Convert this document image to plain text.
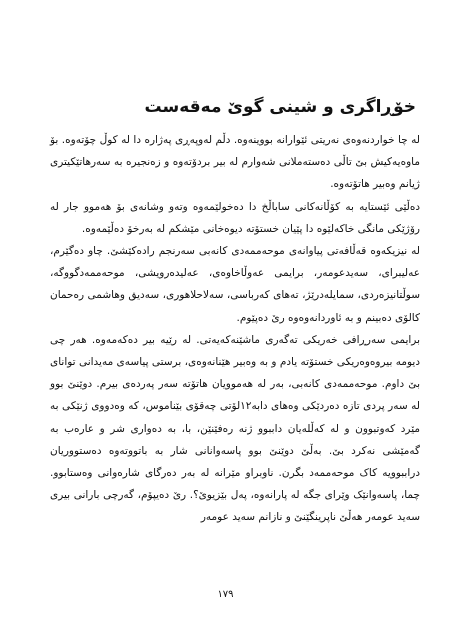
خۆڕاگری و شینی گوێ مەقەست

لە چا خواردنەوەی نەریتی ئێوارانە بووینەوە. دڵم لەوپەڕی پەژارە دا لە کوڵ چۆتەوە. بۆ ماوەیەکیش بێ تاڵی دەستەملانی شەوارم لە بیر بردۆتەوە و زەنجیرە بە سەرهاتێکیتری ژیانم وەبیر هاتۆتەوە.

دەڵێی ئێستایە بە کۆڵانەکانی ساباڵخ دا دەخولێمەوە وتەو وشانەی بۆ هەموو جار لە رۆژێکی مانگی خاکەلێوە دا پێیان خستۆتە دیوەخانی مێشکم لە بەرخۆ دەڵێمەوە.

لە نیزیکەوە قەڵافەتی پیاوانەی موحەممەدی کانەبی سەرنجم رادەکێشێ. چاو دەگێرم، عەلیبرای، سەیدعومەر، برایمی عەوڵاخاوەی، عەلیدەرویشی، موحەممەدگووگە، سوڵتانیزەردی، سمایلەدرێژ، تەهای کەرباسی، سەلاحلاهوری، سەدیق وهاشمی رەحمان کالۆی دەبینم و بە ئاوردانەوەوە رێ دەپێوم.

برایمی سەرڕافی خەریکی تەگەری ماشێنەکەیەتی. لە رێیە بیر دەکەمەوە. هەر چی دیومە بیروەوەریکی خستۆتە یادم و بە وەبیر هێنانەوەی، برستی پیاسەی مەیدانی توانای بێ داوم. موحەممەدی کانەبی، بەر لە هەموویان هاتۆتە سەر پەردەی بیرم. دوێنێ بوو لە سەر پردی تازە دەردێکی وەهای دابە١٢لۆتی چەقۆی بێناموس، کە وەدووی ژنێکی بە مێرد کەوتبوون و لە کەڵلەیان داببوو ژنە رەفێنێن، با، بە دەواری شر و عارەب بە گەمێشی نەکرد بێ. بەڵێ دوێنێ بوو پاسەوانانی شار بە باتووتەوە دەستووریان دراببوویە کاک موحەممەد بگرن. ناوبراو مێرانە لە بەر دەرگای شارەوانی وەستابوو. چما، پاسەوانێک وێرای جگە لە پارانەوە، پەل بێزیوێ؟. رێ دەیپۆم، گەرچی بارانی بیری سەید عومەر هەڵێ ناپرینگێنێ و نازانم سەید عومەر

١٧٩
